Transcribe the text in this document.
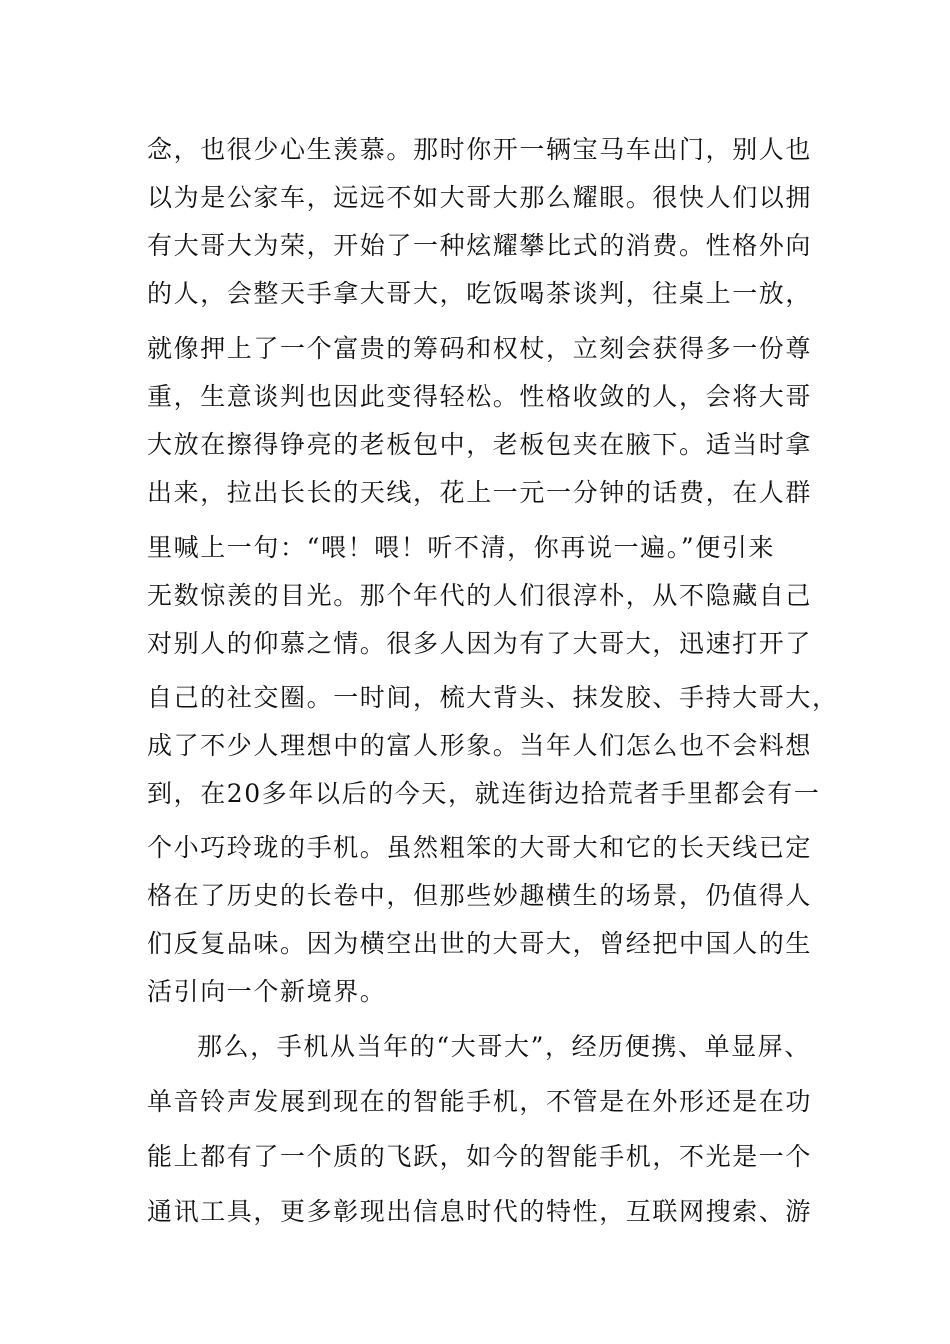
念，也很少心生羡慕。那时你开一辆宝马车出门，别人也
以为是公家车，远远不如大哥大那么耀眼。很快人们以拥
有大哥大为荣，开始了一种炫耀攀比式的消费。性格外向
的人，会整天手拿大哥大，吃饭喝茶谈判，往桌上一放，
就像押上了一个富贵的筹码和权杖，立刻会获得多一份尊
重，生意谈判也因此变得轻松。性格收敛的人，会将大哥
大放在擦得铮亮的老板包中，老板包夹在腋下。适当时拿
出来，拉出长长的天线，花上一元一分钟的话费，在人群
里喊上一句：“喂！喂！听不清，你再说一遍。”便引来
无数惊羡的目光。那个年代的人们很淳朴，从不隐藏自己
对别人的仰慕之情。很多人因为有了大哥大，迅速打开了
自己的社交圈。一时间，梳大背头、抹发胶、手持大哥大，
成了不少人理想中的富人形象。当年人们怎么也不会料想
到，在20多年以后的今天，就连街边拾荒者手里都会有一
个小巧玲珑的手机。虽然粗笨的大哥大和它的长天线已定
格在了历史的长卷中，但那些妙趣横生的场景，仍值得人
们反复品味。因为横空出世的大哥大，曾经把中国人的生
活引向一个新境界。
那么，手机从当年的“大哥大”，经历便携、单显屏、
单音铃声发展到现在的智能手机，不管是在外形还是在功
能上都有了一个质的飞跃，如今的智能手机，不光是一个
通讯工具，更多彰现出信息时代的特性，互联网搜索、游
